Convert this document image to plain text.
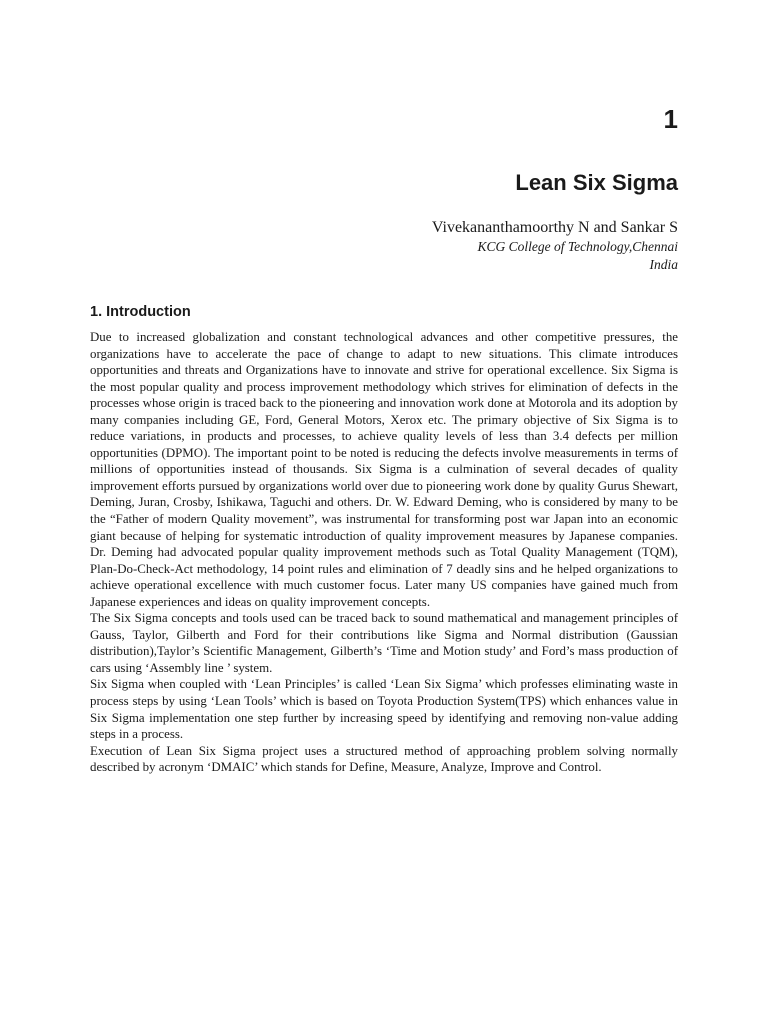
1
Lean Six Sigma
Vivekananthamoorthy N and Sankar S
KCG College of Technology,Chennai
India
1. Introduction

Due to increased globalization and constant technological advances and other competitive pressures, the organizations have to accelerate the pace of change to adapt to new situations. This climate introduces opportunities and threats and Organizations have to innovate and strive for operational excellence. Six Sigma is the most popular quality and process improvement methodology which strives for elimination of defects in the processes whose origin is traced back to the pioneering and innovation work done at Motorola and its adoption by many companies including GE, Ford, General Motors, Xerox etc. The primary objective of Six Sigma is to reduce variations, in products and processes, to achieve quality levels of less than 3.4 defects per million opportunities (DPMO). The important point to be noted is reducing the defects involve measurements in terms of millions of opportunities instead of thousands. Six Sigma is a culmination of several decades of quality improvement efforts pursued by organizations world over due to pioneering work done by quality Gurus Shewart, Deming, Juran, Crosby, Ishikawa, Taguchi and others. Dr. W. Edward Deming, who is considered by many to be the “Father of modern Quality movement”, was instrumental for transforming post war Japan into an economic giant because of helping for systematic introduction of quality improvement measures by Japanese companies. Dr. Deming had advocated popular quality improvement methods such as Total Quality Management (TQM), Plan-Do-Check-Act methodology, 14 point rules and elimination of 7 deadly sins and he helped organizations to achieve operational excellence with much customer focus. Later many US companies have gained much from Japanese experiences and ideas on quality improvement concepts.

The Six Sigma concepts and tools used can be traced back to sound mathematical and management principles of Gauss, Taylor, Gilberth and Ford for their contributions like Sigma and Normal distribution (Gaussian distribution),Taylor’s Scientific Management, Gilberth’s ‘Time and Motion study’ and Ford’s mass production of cars using ‘Assembly line ’ system.

Six Sigma when coupled with ‘Lean Principles’ is called ‘Lean Six Sigma’ which professes eliminating waste in process steps by using ‘Lean Tools’ which is based on Toyota Production System(TPS) which enhances value in Six Sigma implementation one step further by increasing speed by identifying and removing non-value adding steps in a process.

Execution of Lean Six Sigma project uses a structured method of approaching problem solving normally described by acronym ‘DMAIC’ which stands for Define, Measure, Analyze, Improve and Control.
